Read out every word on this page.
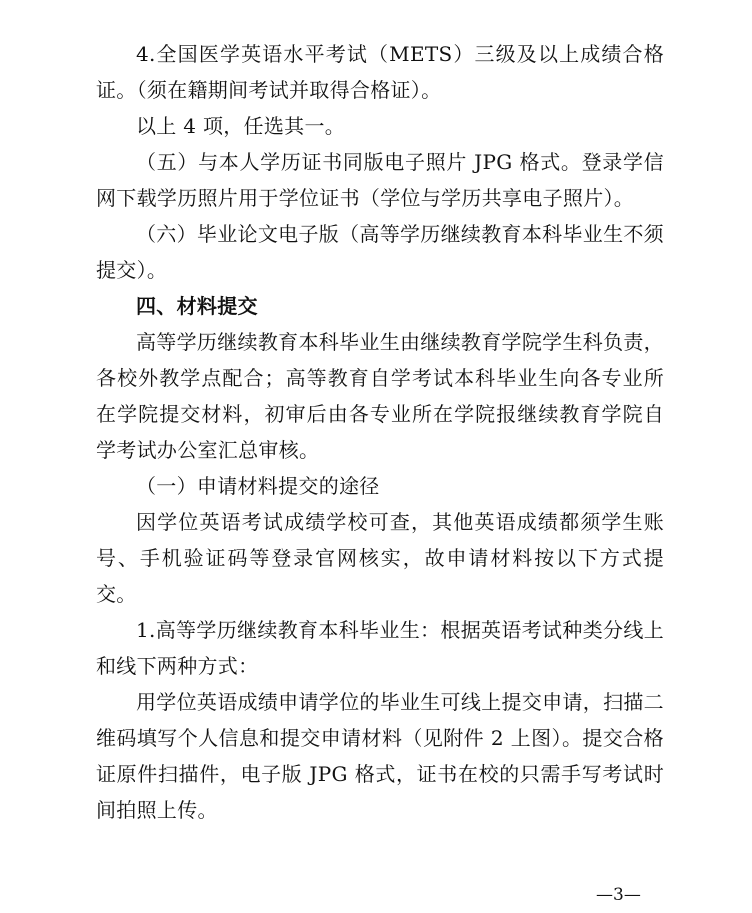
4.全国医学英语水平考试（METS）三级及以上成绩合格证。（须在籍期间考试并取得合格证）。

以上 4 项，任选其一。

（五）与本人学历证书同版电子照片 JPG 格式。登录学信网下载学历照片用于学位证书（学位与学历共享电子照片）。

（六）毕业论文电子版（高等学历继续教育本科毕业生不须提交）。

四、材料提交

高等学历继续教育本科毕业生由继续教育学院学生科负责，各校外教学点配合；高等教育自学考试本科毕业生向各专业所在学院提交材料，初审后由各专业所在学院报继续教育学院自学考试办公室汇总审核。

（一）申请材料提交的途径

因学位英语考试成绩学校可查，其他英语成绩都须学生账号、手机验证码等登录官网核实，故申请材料按以下方式提交。

1.高等学历继续教育本科毕业生：根据英语考试种类分线上和线下两种方式：

用学位英语成绩申请学位的毕业生可线上提交申请，扫描二维码填写个人信息和提交申请材料（见附件 2 上图）。提交合格证原件扫描件，电子版 JPG 格式，证书在校的只需手写考试时间拍照上传。

—3—
